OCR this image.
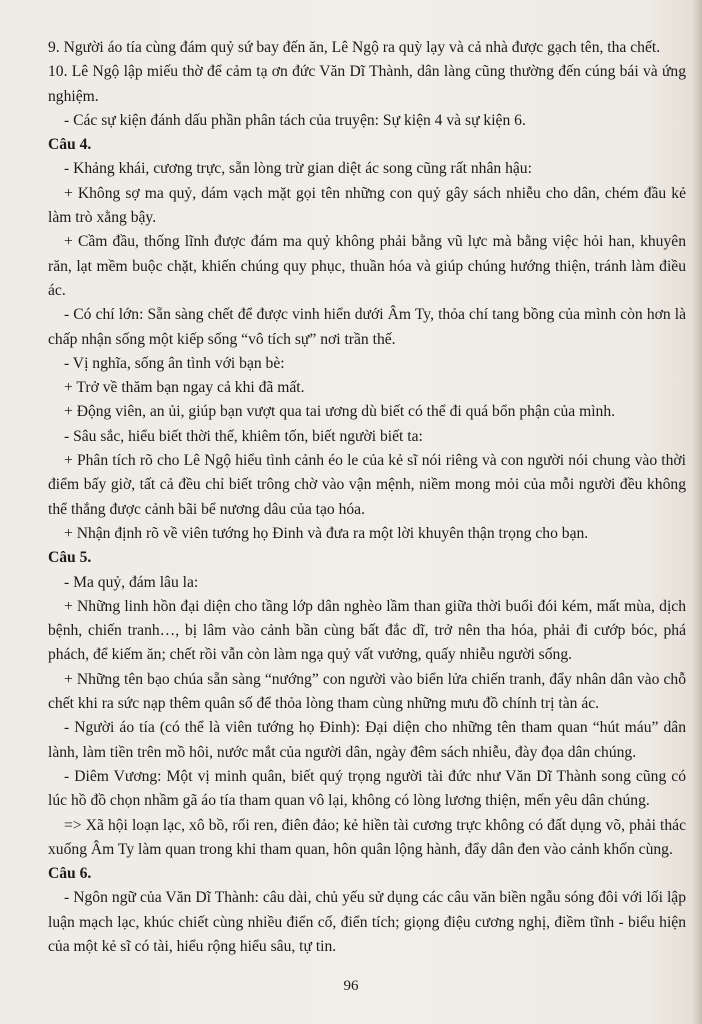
9. Người áo tía cùng đám quỷ sứ bay đến ăn, Lê Ngộ ra quỳ lạy và cả nhà được gạch tên, tha chết.

10. Lê Ngộ lập miếu thờ để cảm tạ ơn đức Văn Dĩ Thành, dân làng cũng thường đến cúng bái và ứng nghiệm.

- Các sự kiện đánh dấu phần phân tách của truyện: Sự kiện 4 và sự kiện 6.

Câu 4.

- Khảng khái, cương trực, sẵn lòng trừ gian diệt ác song cũng rất nhân hậu:

+ Không sợ ma quỷ, dám vạch mặt gọi tên những con quỷ gây sách nhiễu cho dân, chém đầu kẻ làm trò xằng bậy.

+ Cầm đầu, thống lĩnh được đám ma quỷ không phải bằng vũ lực mà bằng việc hỏi han, khuyên răn, lạt mềm buộc chặt, khiến chúng quy phục, thuần hóa và giúp chúng hướng thiện, tránh làm điều ác.

- Có chí lớn: Sẵn sàng chết để được vinh hiển dưới Âm Ty, thỏa chí tang bồng của mình còn hơn là chấp nhận sống một kiếp sống “vô tích sự” nơi trần thế.

- Vị nghĩa, sống ân tình với bạn bè:

+ Trở về thăm bạn ngay cả khi đã mất.

+ Động viên, an ủi, giúp bạn vượt qua tai ương dù biết có thể đi quá bổn phận của mình.

- Sâu sắc, hiểu biết thời thế, khiêm tốn, biết người biết ta:

+ Phân tích rõ cho Lê Ngộ hiểu tình cảnh éo le của kẻ sĩ nói riêng và con người nói chung vào thời điểm bấy giờ, tất cả đều chỉ biết trông chờ vào vận mệnh, niềm mong mỏi của mỗi người đều không thể thắng được cảnh bãi bể nương dâu của tạo hóa.

+ Nhận định rõ về viên tướng họ Đinh và đưa ra một lời khuyên thận trọng cho bạn.

Câu 5.

- Ma quỷ, đám lâu la:

+ Những linh hồn đại diện cho tầng lớp dân nghèo lầm than giữa thời buổi đói kém, mất mùa, dịch bệnh, chiến tranh…, bị lâm vào cảnh bần cùng bất đắc dĩ, trở nên tha hóa, phải đi cướp bóc, phá phách, để kiếm ăn; chết rồi vẫn còn làm ngạ quỷ vất vưởng, quấy nhiễu người sống.

+ Những tên bạo chúa sẵn sàng “nướng” con người vào biển lửa chiến tranh, đẩy nhân dân vào chỗ chết khi ra sức nạp thêm quân số để thỏa lòng tham cùng những mưu đồ chính trị tàn ác.

- Người áo tía (có thể là viên tướng họ Đinh): Đại diện cho những tên tham quan “hút máu” dân lành, làm tiền trên mồ hôi, nước mắt của người dân, ngày đêm sách nhiễu, đày đọa dân chúng.

- Diêm Vương: Một vị minh quân, biết quý trọng người tài đức như Văn Dĩ Thành song cũng có lúc hồ đồ chọn nhầm gã áo tía tham quan vô lại, không có lòng lương thiện, mến yêu dân chúng.

=> Xã hội loạn lạc, xô bồ, rối ren, điên đảo; kẻ hiền tài cương trực không có đất dụng võ, phải thác xuống Âm Ty làm quan trong khi tham quan, hôn quân lộng hành, đẩy dân đen vào cảnh khốn cùng.

Câu 6.

- Ngôn ngữ của Văn Dĩ Thành: câu dài, chủ yếu sử dụng các câu văn biền ngẫu sóng đôi với lối lập luận mạch lạc, khúc chiết cùng nhiều điển cố, điển tích; giọng điệu cương nghị, điềm tĩnh - biểu hiện của một kẻ sĩ có tài, hiểu rộng hiểu sâu, tự tin.

96
